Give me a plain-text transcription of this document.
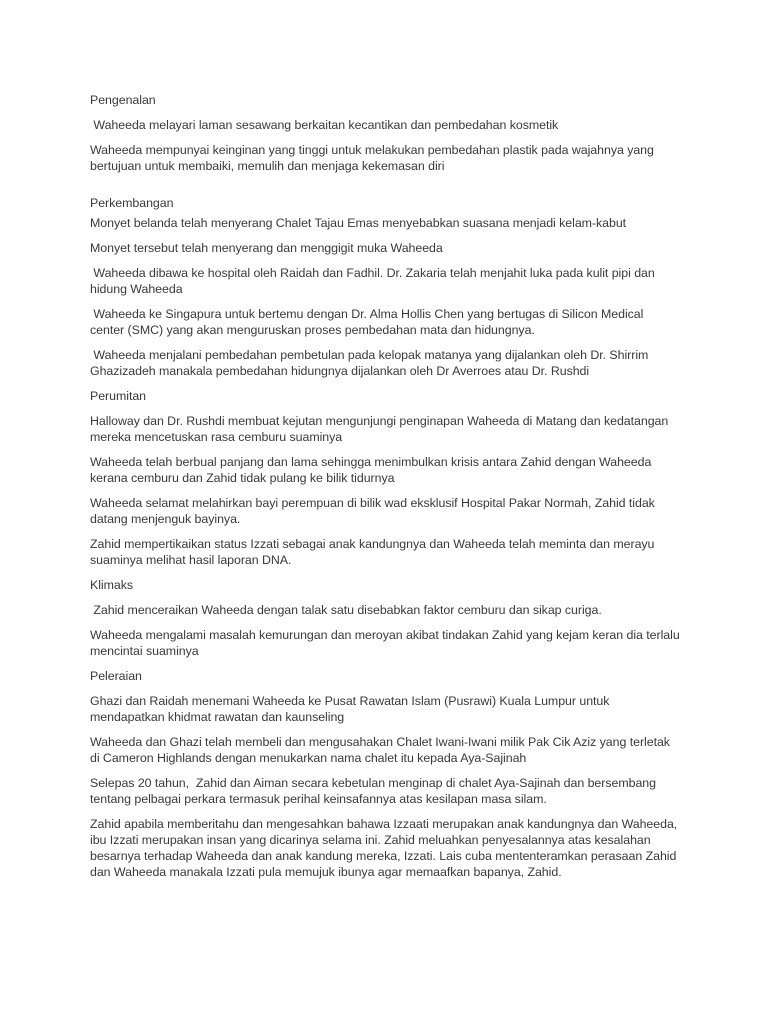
Pengenalan
Waheeda melayari laman sesawang berkaitan kecantikan dan pembedahan kosmetik
Waheeda mempunyai keinginan yang tinggi untuk melakukan pembedahan plastik pada wajahnya yang bertujuan untuk membaiki, memulih dan menjaga kekemasan diri
Perkembangan
Monyet belanda telah menyerang Chalet Tajau Emas menyebabkan suasana menjadi kelam-kabut
Monyet tersebut telah menyerang dan menggigit muka Waheeda
Waheeda dibawa ke hospital oleh Raidah dan Fadhil. Dr. Zakaria telah menjahit luka pada kulit pipi dan hidung Waheeda
Waheeda ke Singapura untuk bertemu dengan Dr. Alma Hollis Chen yang bertugas di Silicon Medical center (SMC) yang akan menguruskan proses pembedahan mata dan hidungnya.
Waheeda menjalani pembedahan pembetulan pada kelopak matanya yang dijalankan oleh Dr. Shirrim Ghazizadeh manakala pembedahan hidungnya dijalankan oleh Dr Averroes atau Dr. Rushdi
Perumitan
Halloway dan Dr. Rushdi membuat kejutan mengunjungi penginapan Waheeda di Matang dan kedatangan mereka mencetuskan rasa cemburu suaminya
Waheeda telah berbual panjang dan lama sehingga menimbulkan krisis antara Zahid dengan Waheeda kerana cemburu dan Zahid tidak pulang ke bilik tidurnya
Waheeda selamat melahirkan bayi perempuan di bilik wad eksklusif Hospital Pakar Normah, Zahid tidak datang menjenguk bayinya.
Zahid mempertikaikan status Izzati sebagai anak kandungnya dan Waheeda telah meminta dan merayu suaminya melihat hasil laporan DNA.
Klimaks
Zahid menceraikan Waheeda dengan talak satu disebabkan faktor cemburu dan sikap curiga.
Waheeda mengalami masalah kemurungan dan meroyan akibat tindakan Zahid yang kejam keran dia terlalu mencintai suaminya
Peleraian
Ghazi dan Raidah menemani Waheeda ke Pusat Rawatan Islam (Pusrawi) Kuala Lumpur untuk mendapatkan khidmat rawatan dan kaunseling
Waheeda dan Ghazi telah membeli dan mengusahakan Chalet Iwani-Iwani milik Pak Cik Aziz yang terletak di Cameron Highlands dengan menukarkan nama chalet itu kepada Aya-Sajinah
Selepas 20 tahun,  Zahid dan Aiman secara kebetulan menginap di chalet Aya-Sajinah dan bersembang tentang pelbagai perkara termasuk perihal keinsafannya atas kesilapan masa silam.
Zahid apabila memberitahu dan mengesahkan bahawa Izzaati merupakan anak kandungnya dan Waheeda, ibu Izzati merupakan insan yang dicarinya selama ini. Zahid meluahkan penyesalannya atas kesalahan besarnya terhadap Waheeda dan anak kandung mereka, Izzati. Lais cuba mententeramkan perasaan Zahid dan Waheeda manakala Izzati pula memujuk ibunya agar memaafkan bapanya, Zahid.
